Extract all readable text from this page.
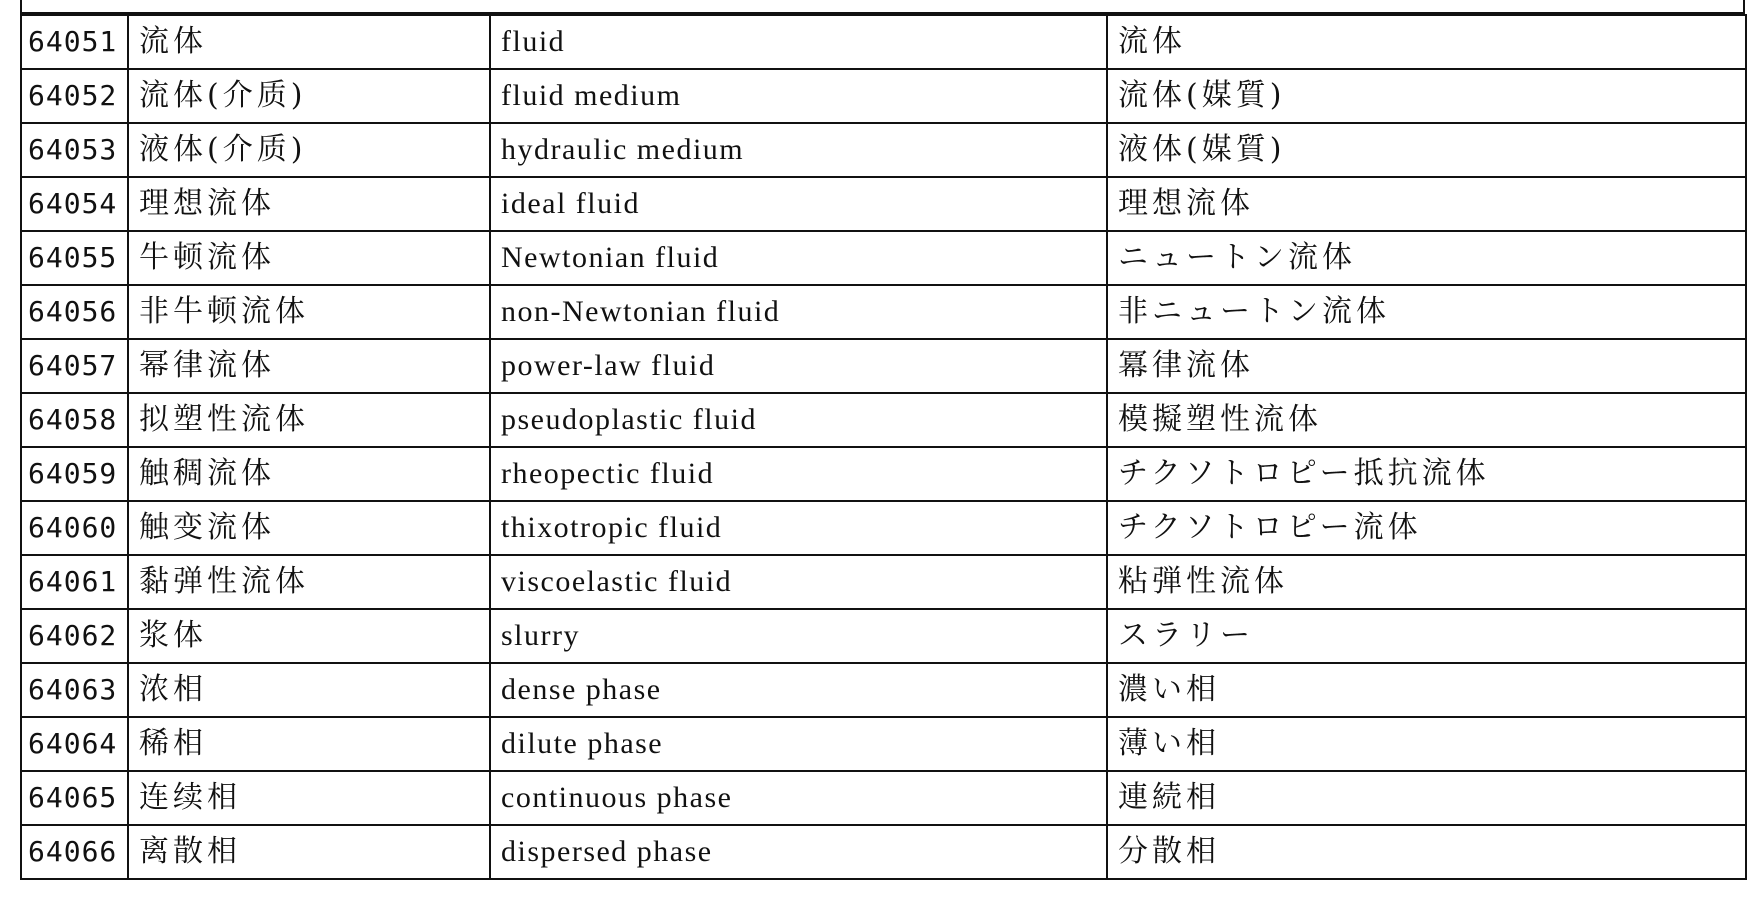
64051	流体	fluid	流体
64052	流体(介质)	fluid medium	流体(媒質)
64053	液体(介质)	hydraulic medium	液体(媒質)
64054	理想流体	ideal fluid	理想流体
64055	牛顿流体	Newtonian fluid	ニュートン流体
64056	非牛顿流体	non-Newtonian fluid	非ニュートン流体
64057	幂律流体	power-law fluid	冪律流体
64058	拟塑性流体	pseudoplastic fluid	模擬塑性流体
64059	触稠流体	rheopectic fluid	チクソトロピー抵抗流体
64060	触变流体	thixotropic fluid	チクソトロピー流体
64061	黏弹性流体	viscoelastic fluid	粘弾性流体
64062	浆体	slurry	スラリー
64063	浓相	dense phase	濃い相
64064	稀相	dilute phase	薄い相
64065	连续相	continuous phase	連続相
64066	离散相	dispersed phase	分散相
